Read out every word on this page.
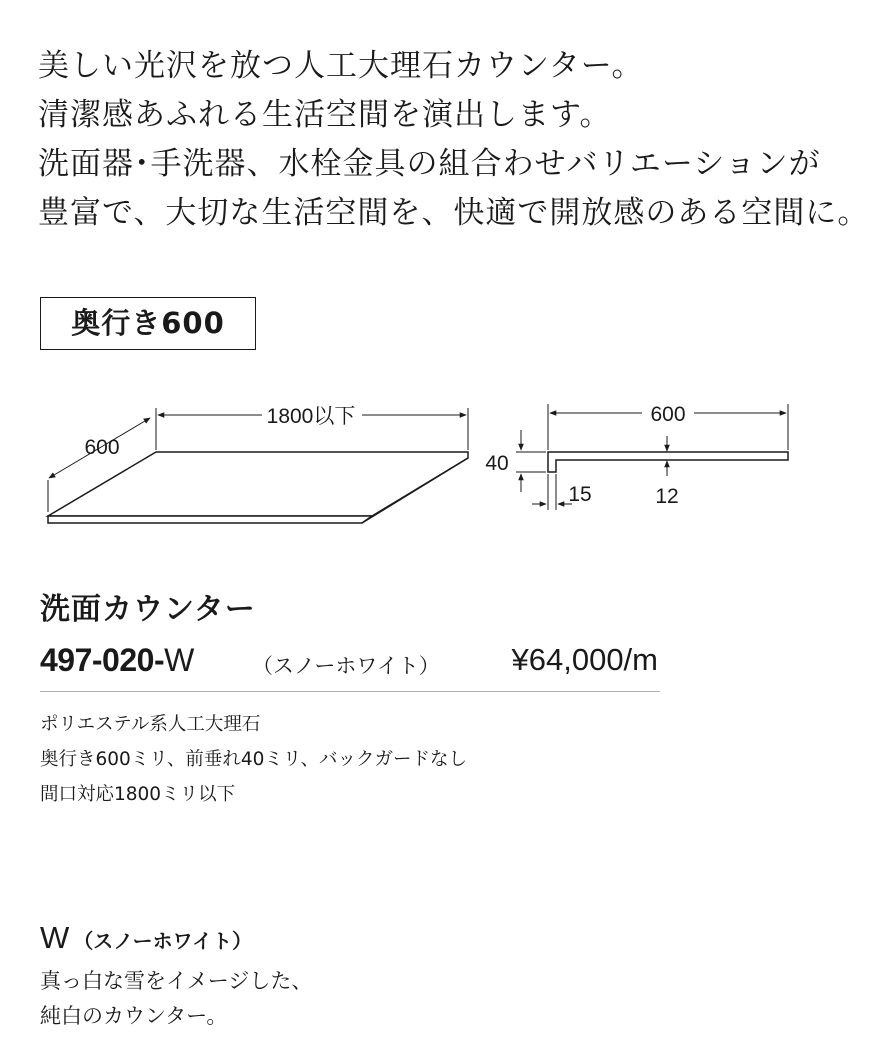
美しい光沢を放つ人工大理石カウンター。
清潔感あふれる生活空間を演出します。
洗面器･手洗器、水栓金具の組合わせバリエーションが
豊富で、大切な生活空間を、快適で開放感のある空間に。
奥行き600
1800以下
600
600
40
15	12
洗面カウンター
497-020-W	（スノーホワイト） ¥64,000/m
ポリエステル系人工大理石
奥行き600ミリ、前垂れ40ミリ、バックガードなし
間口対応1800ミリ以下
W （スノーホワイト）
真っ白な雪をイメージした、
純白のカウンター。
